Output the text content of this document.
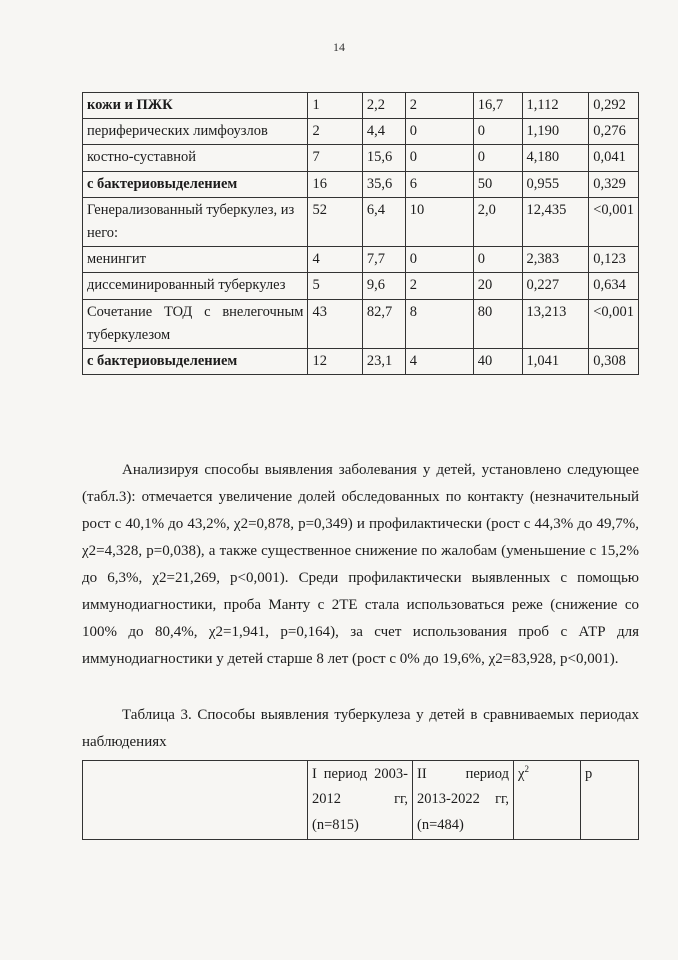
14
кожи и ПЖК	1	2,2	2	16,7	1,112	0,292
периферических лимфоузлов	2	4,4	0	0	1,190	0,276
костно-суставной	7	15,6	0	0	4,180	0,041
с бактериовыделением	16	35,6	6	50	0,955	0,329
Генерализованный туберкулез, из него:	52	6,4	10	2,0	12,435	<0,001
менингит	4	7,7	0	0	2,383	0,123
диссеминированный туберкулез	5	9,6	2	20	0,227	0,634
Сочетание ТОД с внелегочным туберкулезом	43	82,7	8	80	13,213	<0,001
с бактериовыделением	12	23,1	4	40	1,041	0,308
Анализируя способы выявления заболевания у детей, установлено следующее (табл.3): отмечается увеличение долей обследованных по контакту (незначительный рост с 40,1% до 43,2%, χ2=0,878, p=0,349) и профилактически (рост с 44,3% до 49,7%, χ2=4,328, p=0,038), а также существенное снижение по жалобам (уменьшение с 15,2% до 6,3%, χ2=21,269, p<0,001). Среди профилактически выявленных с помощью иммунодиагностики, проба Манту с 2ТЕ стала использоваться реже (снижение со 100% до 80,4%, χ2=1,941, p=0,164), за счет использования проб с АТР для иммунодиагностики у детей старше 8 лет (рост с 0% до 19,6%, χ2=83,928, p<0,001).
Таблица 3. Способы выявления туберкулеза у детей в сравниваемых периодах наблюдениях
	I период 2003-2012 гг, (n=815)	II период 2013-2022 гг, (n=484)	$\chi^2$	p
